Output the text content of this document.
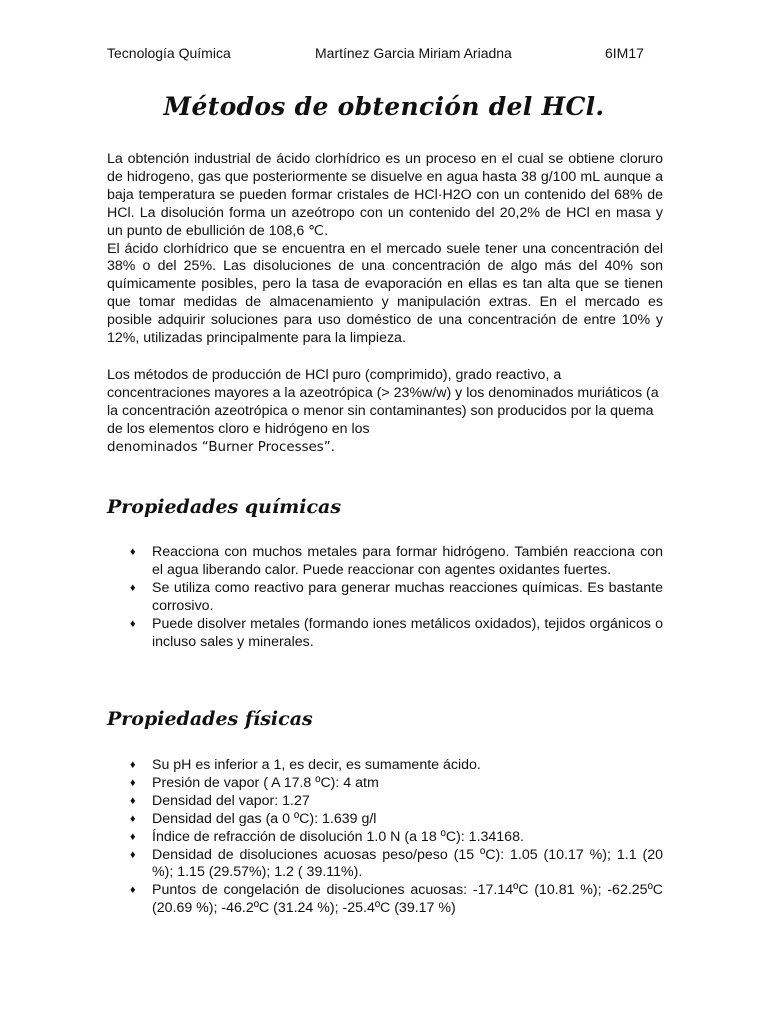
Tecnología Química	Martínez Garcia Miriam Ariadna	6IM17
Métodos de obtención del HCl.

La obtención industrial de ácido clorhídrico es un proceso en el cual se obtiene cloruro de hidrogeno, gas que posteriormente se disuelve en agua hasta 38 g/100 mL aunque a baja temperatura se pueden formar cristales de HCl·H2O con un contenido del 68% de HCl. La disolución forma un azeótropo con un contenido del 20,2% de HCl en masa y un punto de ebullición de 108,6 ℃.

El ácido clorhídrico que se encuentra en el mercado suele tener una concentración del 38% o del 25%. Las disoluciones de una concentración de algo más del 40% son químicamente posibles, pero la tasa de evaporación en ellas es tan alta que se tienen que tomar medidas de almacenamiento y manipulación extras. En el mercado es posible adquirir soluciones para uso doméstico de una concentración de entre 10% y 12%, utilizadas principalmente para la limpieza.

Los métodos de producción de HCl puro (comprimido), grado reactivo, a concentraciones mayores a la azeotrópica (> 23%w/w) y los denominados muriáticos (a la concentración azeotrópica o menor sin contaminantes) son producidos por la quema de los elementos cloro e hidrógeno en los
denominados “Burner Processes”.

Propiedades químicas
♦ Reacciona con muchos metales para formar hidrógeno. También reacciona con el agua liberando calor. Puede reaccionar con agentes oxidantes fuertes.
♦ Se utiliza como reactivo para generar muchas reacciones químicas. Es bastante corrosivo.
♦ Puede disolver metales (formando iones metálicos oxidados), tejidos orgánicos o incluso sales y minerales.
Propiedades físicas
♦ Su pH es inferior a 1, es decir, es sumamente ácido.
♦ Presión de vapor ( A 17.8 ºC): 4 atm
♦ Densidad del vapor: 1.27
♦ Densidad del gas (a 0 ºC): 1.639 g/l
♦ Índice de refracción de disolución 1.0 N (a 18 ºC): 1.34168.
♦ Densidad de disoluciones acuosas peso/peso (15 ºC): 1.05 (10.17 %); 1.1 (20 %); 1.15 (29.57%); 1.2 ( 39.11%).
♦ Puntos de congelación de disoluciones acuosas: -17.14ºC (10.81 %); -62.25ºC (20.69 %); -46.2ºC (31.24 %); -25.4ºC (39.17 %)
